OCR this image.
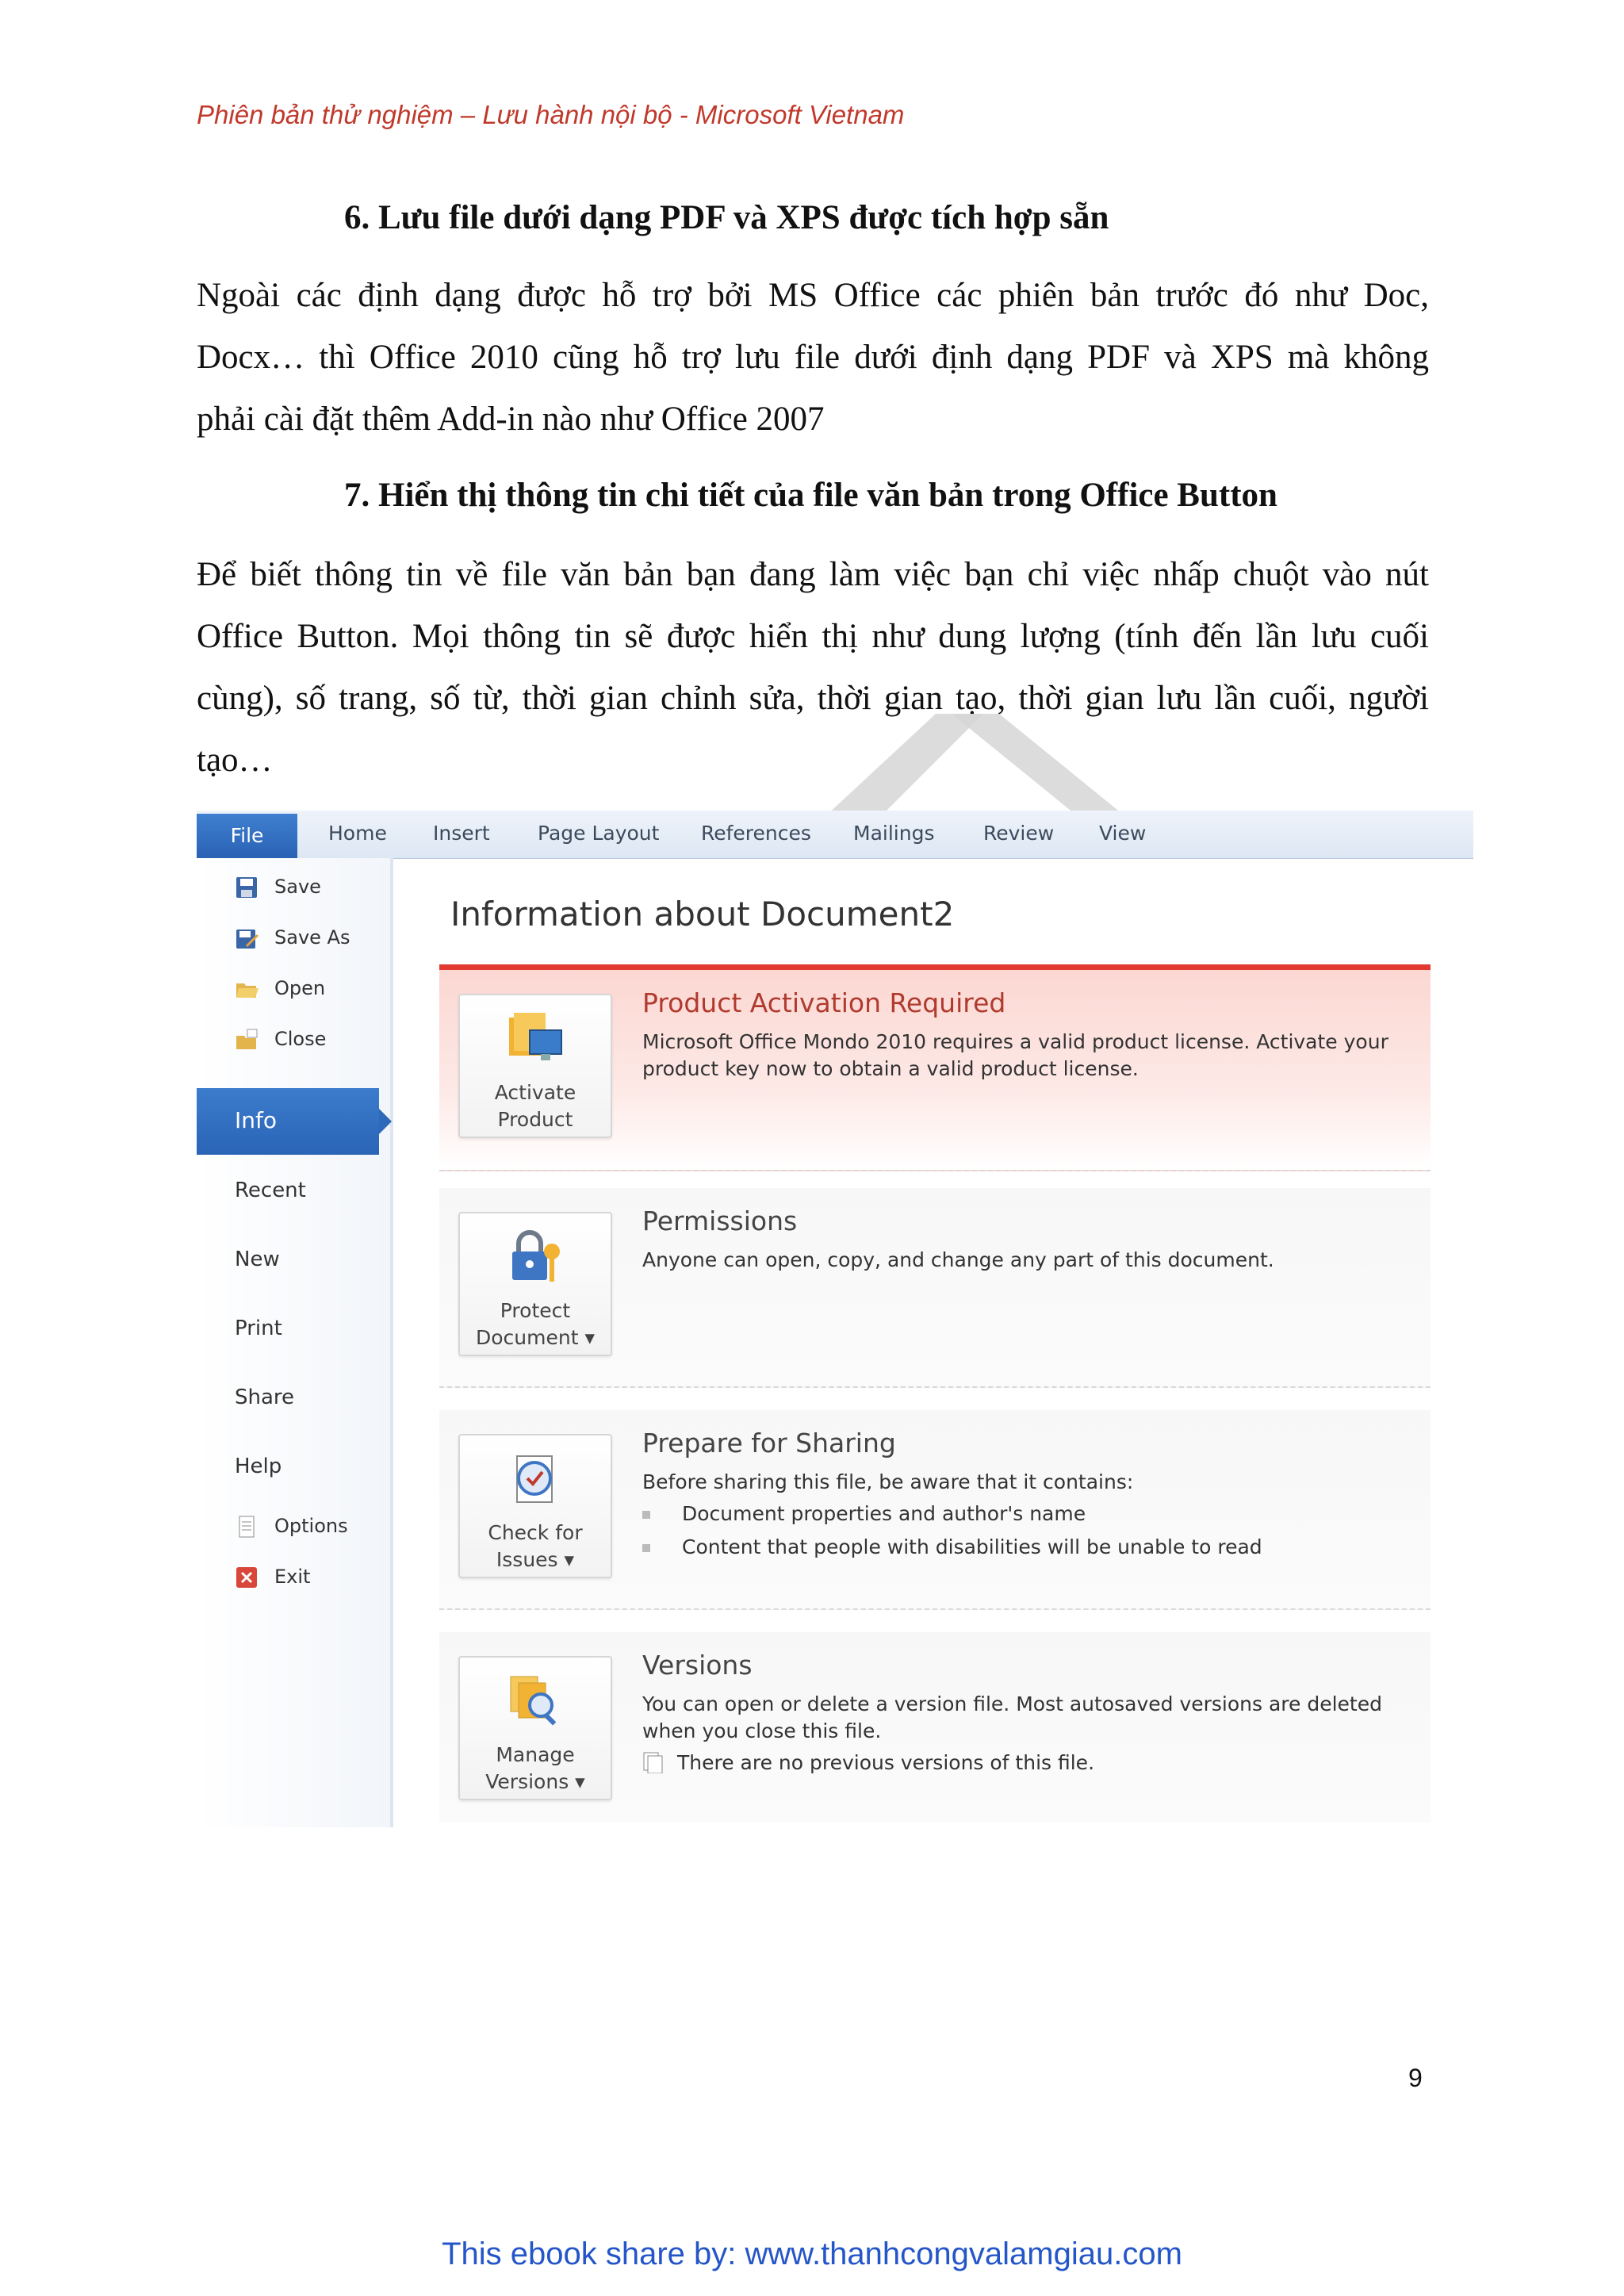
Phiên bản thử nghiệm – Lưu hành nội bộ - Microsoft Vietnam
6. Lưu file dưới dạng PDF và XPS được tích hợp sẵn
Ngoài các định dạng được hỗ trợ bởi MS Office các phiên bản trước đó như Doc,
Docx… thì Office 2010 cũng hỗ trợ lưu file dưới định dạng PDF và XPS mà không
phải cài đặt thêm Add-in nào như Office 2007
7. Hiển thị thông tin chi tiết của file văn bản trong Office Button
Để biết thông tin về file văn bản bạn đang làm việc bạn chỉ việc nhấp chuột vào nút
Office Button. Mọi thông tin sẽ được hiển thị như dung lượng (tính đến lần lưu cuối
cùng), số trang, số từ, thời gian chỉnh sửa, thời gian tạo, thời gian lưu lần cuối, người
tạo…
File	Home Insert Page Layout References Mailings Review View
Save
Save As
Open
Close
Info
Recent
New
Print
Share
Help
Options
Exit
Information about Document2
Activate
Product
Product Activation Required
Microsoft Office Mondo 2010 requires a valid product license. Activate your product key now to obtain a valid product license.
Protect
Document ▾
Permissions
Anyone can open, copy, and change any part of this document.
Check for
Issues ▾
Prepare for Sharing
Before sharing this file, be aware that it contains:
Document properties and author's name
Content that people with disabilities will be unable to read
Manage
Versions ▾
Versions
You can open or delete a version file. Most autosaved versions are deleted when you close this file.
There are no previous versions of this file.
9
This ebook share by: www.thanhcongvalamgiau.com
